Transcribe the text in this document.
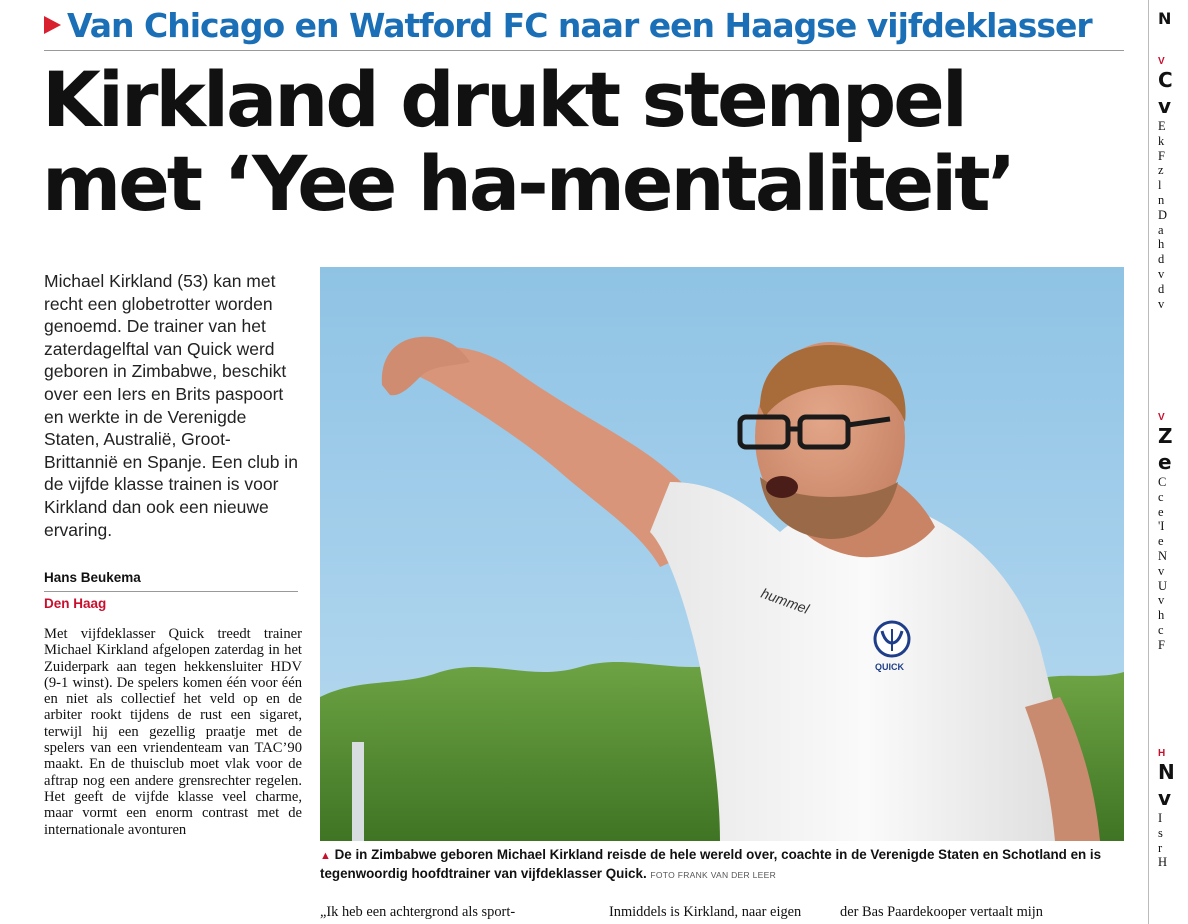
Van Chicago en Watford FC naar een Haagse vijfdeklasser
Kirkland drukt stempel
met ‘Yee ha-mentaliteit’

Michael Kirkland (53) kan met recht een globetrotter worden genoemd. De trainer van het zaterdagelftal van Quick werd geboren in Zimbabwe, beschikt over een Iers en Brits paspoort en werkte in de Verenigde Staten, Australië, Groot-Brittannië en Spanje. Een club in de vijfde klasse trainen is voor Kirkland dan ook een nieuwe ervaring.

Hans Beukema
Den Haag

Met vijfdeklasser Quick treedt trainer Michael Kirkland afgelopen zaterdag in het Zuiderpark aan tegen hekkensluiter HDV (9-1 winst). De spelers komen één voor één en niet als collectief het veld op en de arbiter rookt tijdens de rust een sigaret, terwijl hij een gezellig praatje met de spelers van een vriendenteam van TAC’90 maakt. En de thuisclub moet vlak voor de aftrap nog een andere grensrechter regelen. Het geeft de vijfde klasse veel charme, maar vormt een enorm contrast met de internationale avonturen

hummel
QUICK
▲ De in Zimbabwe geboren Michael Kirkland reisde de hele wereld over, coachte in de Verenigde Staten en Schotland en is tegenwoordig hoofdtrainer van vijfdeklasser Quick. FOTO FRANK VAN DER LEER
„Ik heb een achtergrond als sport-	Inmiddels is Kirkland, naar eigen	der Bas Paardekooper vertaalt mijn
N
V
C
v
E
k
F
z
l
n
D
a
h
d
v
d
v
V
Z
e
C
c
e
'I
e
N
v
U
v
h
c
F
H
N
v
I
s
r
H
